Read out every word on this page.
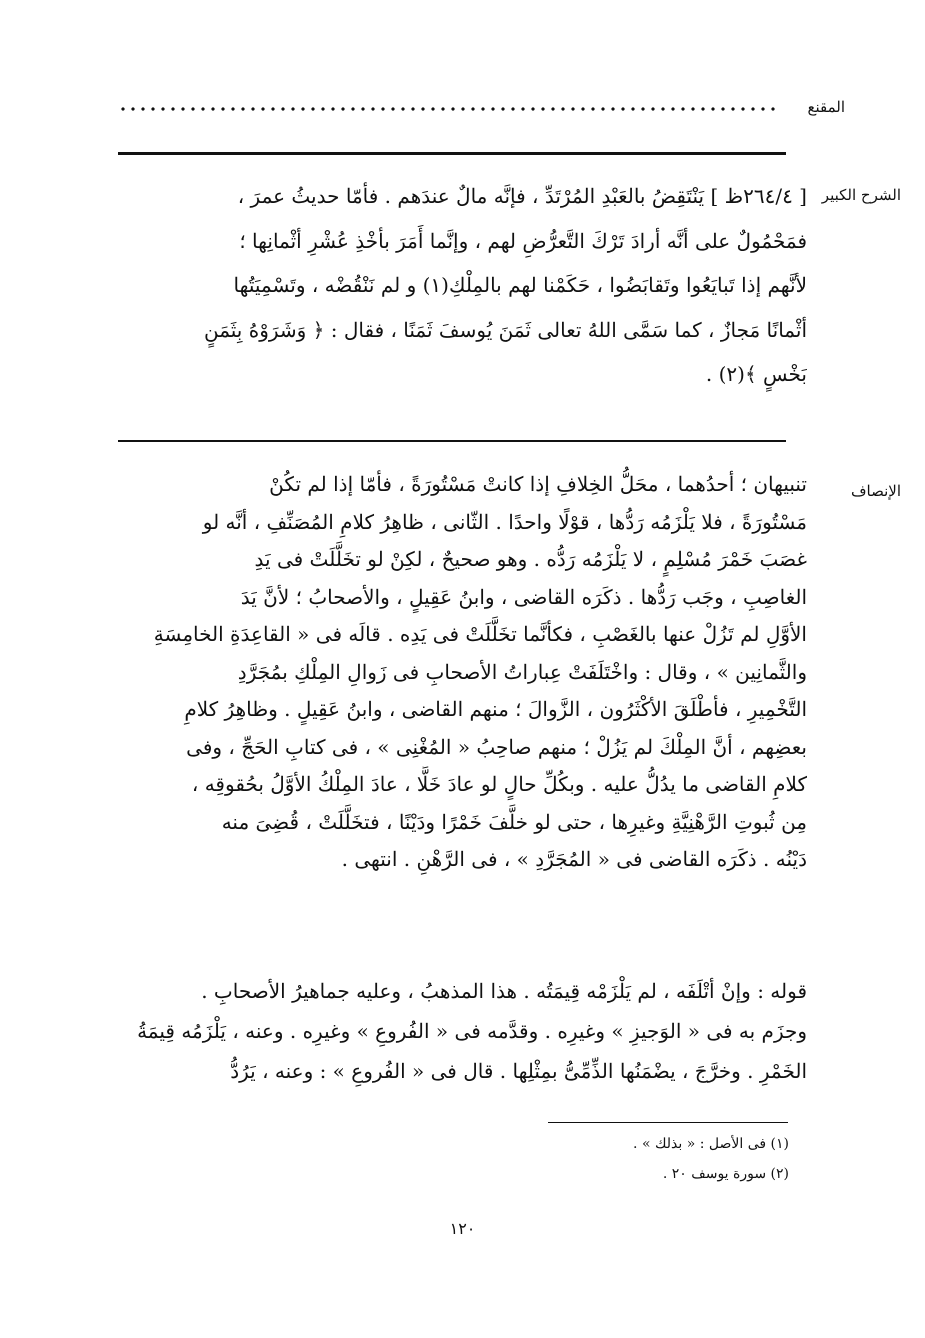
المقنع
الشرح الكبير
[ ٢٦٤/٤ظ ] يَنْتَقِضُ بالعَبْدِ المُرْتَدِّ ، فإنَّه مالٌ عندَهم . فأمّا حديثُ عمرَ ،
فمَحْمُولٌ على أنَّه أرادَ تَرْكَ التَّعرُّضِ لهم ، وإنَّما أَمَرَ بأخْذِ عُشْرِ أثْمانِها ؛
لأنَّهم إذا تَبايَعُوا وتَقابَضُوا ، حَكَمْنا لهم بالمِلْكِ(١) و لم نَنْقُضْه ، وتَسْمِيَتُها
أثْمانًا مَجازٌ ، كما سَمَّى اللهُ تعالى ثَمَنَ يُوسفَ ثَمَنًا ، فقال : ﴿ وَشَرَوْهُ بِثَمَنٍ
بَخْسٍ ﴾(٢) .
الإنصاف
تنبيهان ؛ أحدُهما ، محَلُّ الخِلافِ إذا كانتْ مَسْتُورَةً ، فأمّا إذا لم تكُنْ
مَسْتُورَةً ، فلا يَلْزَمُه رَدُّها ، قوْلًا واحدًا . الثّانى ، ظاهِرُ كلامِ المُصَنِّفِ ، أنَّه لو
غصَبَ خَمْرَ مُسْلِمٍ ، لا يَلْزَمُه رَدُّه . وهو صحيحٌ ، لكِنْ لو تخَلَّلَتْ فى يَدِ
الغاصِبِ ، وجَب رَدُّها . ذكَرَه القاضى ، وابنُ عَقِيلٍ ، والأصحابُ ؛ لأنَّ يَدَ
الأوَّلِ لم تَزُلْ عنها بالغَصْبِ ، فكأنَّما تخَلَّلَتْ فى يَدِه . قالَه فى « القاعِدَةِ الخامِسَةِ
والثَّمانِين » ، وقال : واخْتَلَفَتْ عِباراتُ الأصحابِ فى زَوالِ المِلْكِ بمُجَرَّدِ
التَّخْمِيرِ ، فأطْلَقَ الأكْثَرُون ، الزَّوالَ ؛ منهم القاضى ، وابنُ عَقِيلٍ . وظاهِرُ كلامِ
بعضِهم ، أنَّ المِلْكَ لم يَزُلْ ؛ منهم صاحِبُ « المُغْنِى » ، فى كتابِ الحَجِّ ، وفى
كلامِ القاضى ما يدُلُّ عليه . وبكُلِّ حالٍ لو عادَ خَلًّا ، عادَ المِلْكُ الأوَّلُ بحُقوقِه ،
مِن ثُبوتِ الرَّهْنِيَّةِ وغيرِها ، حتى لو خلَّفَ خَمْرًا ودَيْنًا ، فتخَلَّلَتْ ، قُضِىَ منه
دَيْنُه . ذكَرَه القاضى فى « المُجَرَّدِ » ، فى الرَّهْنِ . انتهى .
قوله : وإنْ أتْلَفَه ، لم يَلْزَمْه قِيمَتُه . هذا المذهبُ ، وعليه جماهيرُ الأصحابِ .
وجزَم به فى « الوَجيزِ » وغيرِه . وقدَّمه فى « الفُروعِ » وغيرِه . وعنه ، يَلْزَمُه قِيمَةُ
الخَمْرِ . وخرَّجَ ، يضْمَنُها الذِّمِّىُّ بمِثْلِها . قال فى « الفُروعِ » : وعنه ، يَرُدُّ
(١) فى الأصل : « بذلك » .
(٢) سورة يوسف ٢٠ .
١٢٠
